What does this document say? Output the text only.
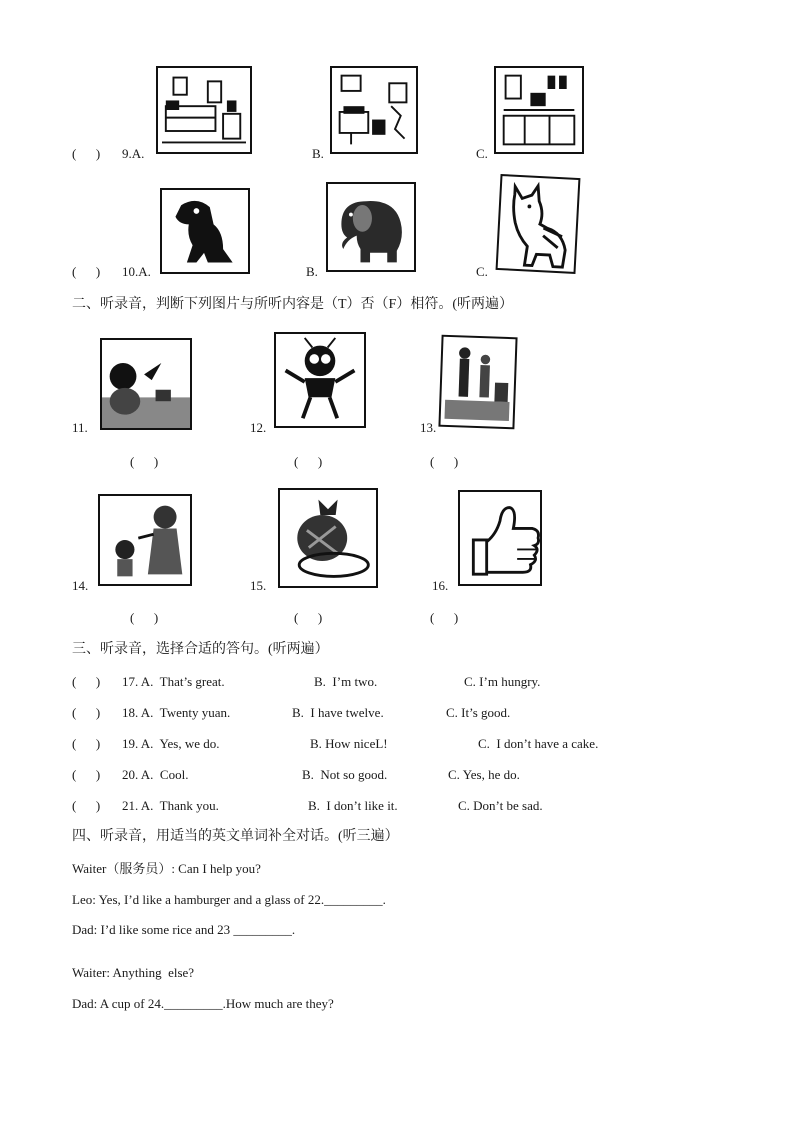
(      ) 9.A.	B.	C.
(      ) 10.A.	B.	C.
二、听录音，判断下列图片与所听内容是（T）否（F）相符。(听两遍）
11.
(      )
12.
(      )
13.
(      )
14.
(      )
15.
(      )
16.
(      )
三、听录音，选择合适的答句。(听两遍）
(      ) 17. A.  That’s great.	B.  I’m two.	C. I’m hungry.
(      ) 18. A.  Twenty yuan.	B.  I have twelve.	C. It’s good.
(      ) 19. A.  Yes, we do.	B. How niceL!	C.  I don’t have a cake.
(      ) 20. A.  Cool.	B.  Not so good.	C. Yes, he do.
(      ) 21. A.  Thank you.	B.  I don’t like it.	C. Don’t be sad.
四、听录音，用适当的英文单词补全对话。(听三遍）
Waiter（服务员）: Can I help you?
Leo: Yes, I’d like a hamburger and a glass of 22._________.
Dad: I’d like some rice and 23 _________.
Waiter: Anything  else?
Dad: A cup of 24._________.How much are they?
